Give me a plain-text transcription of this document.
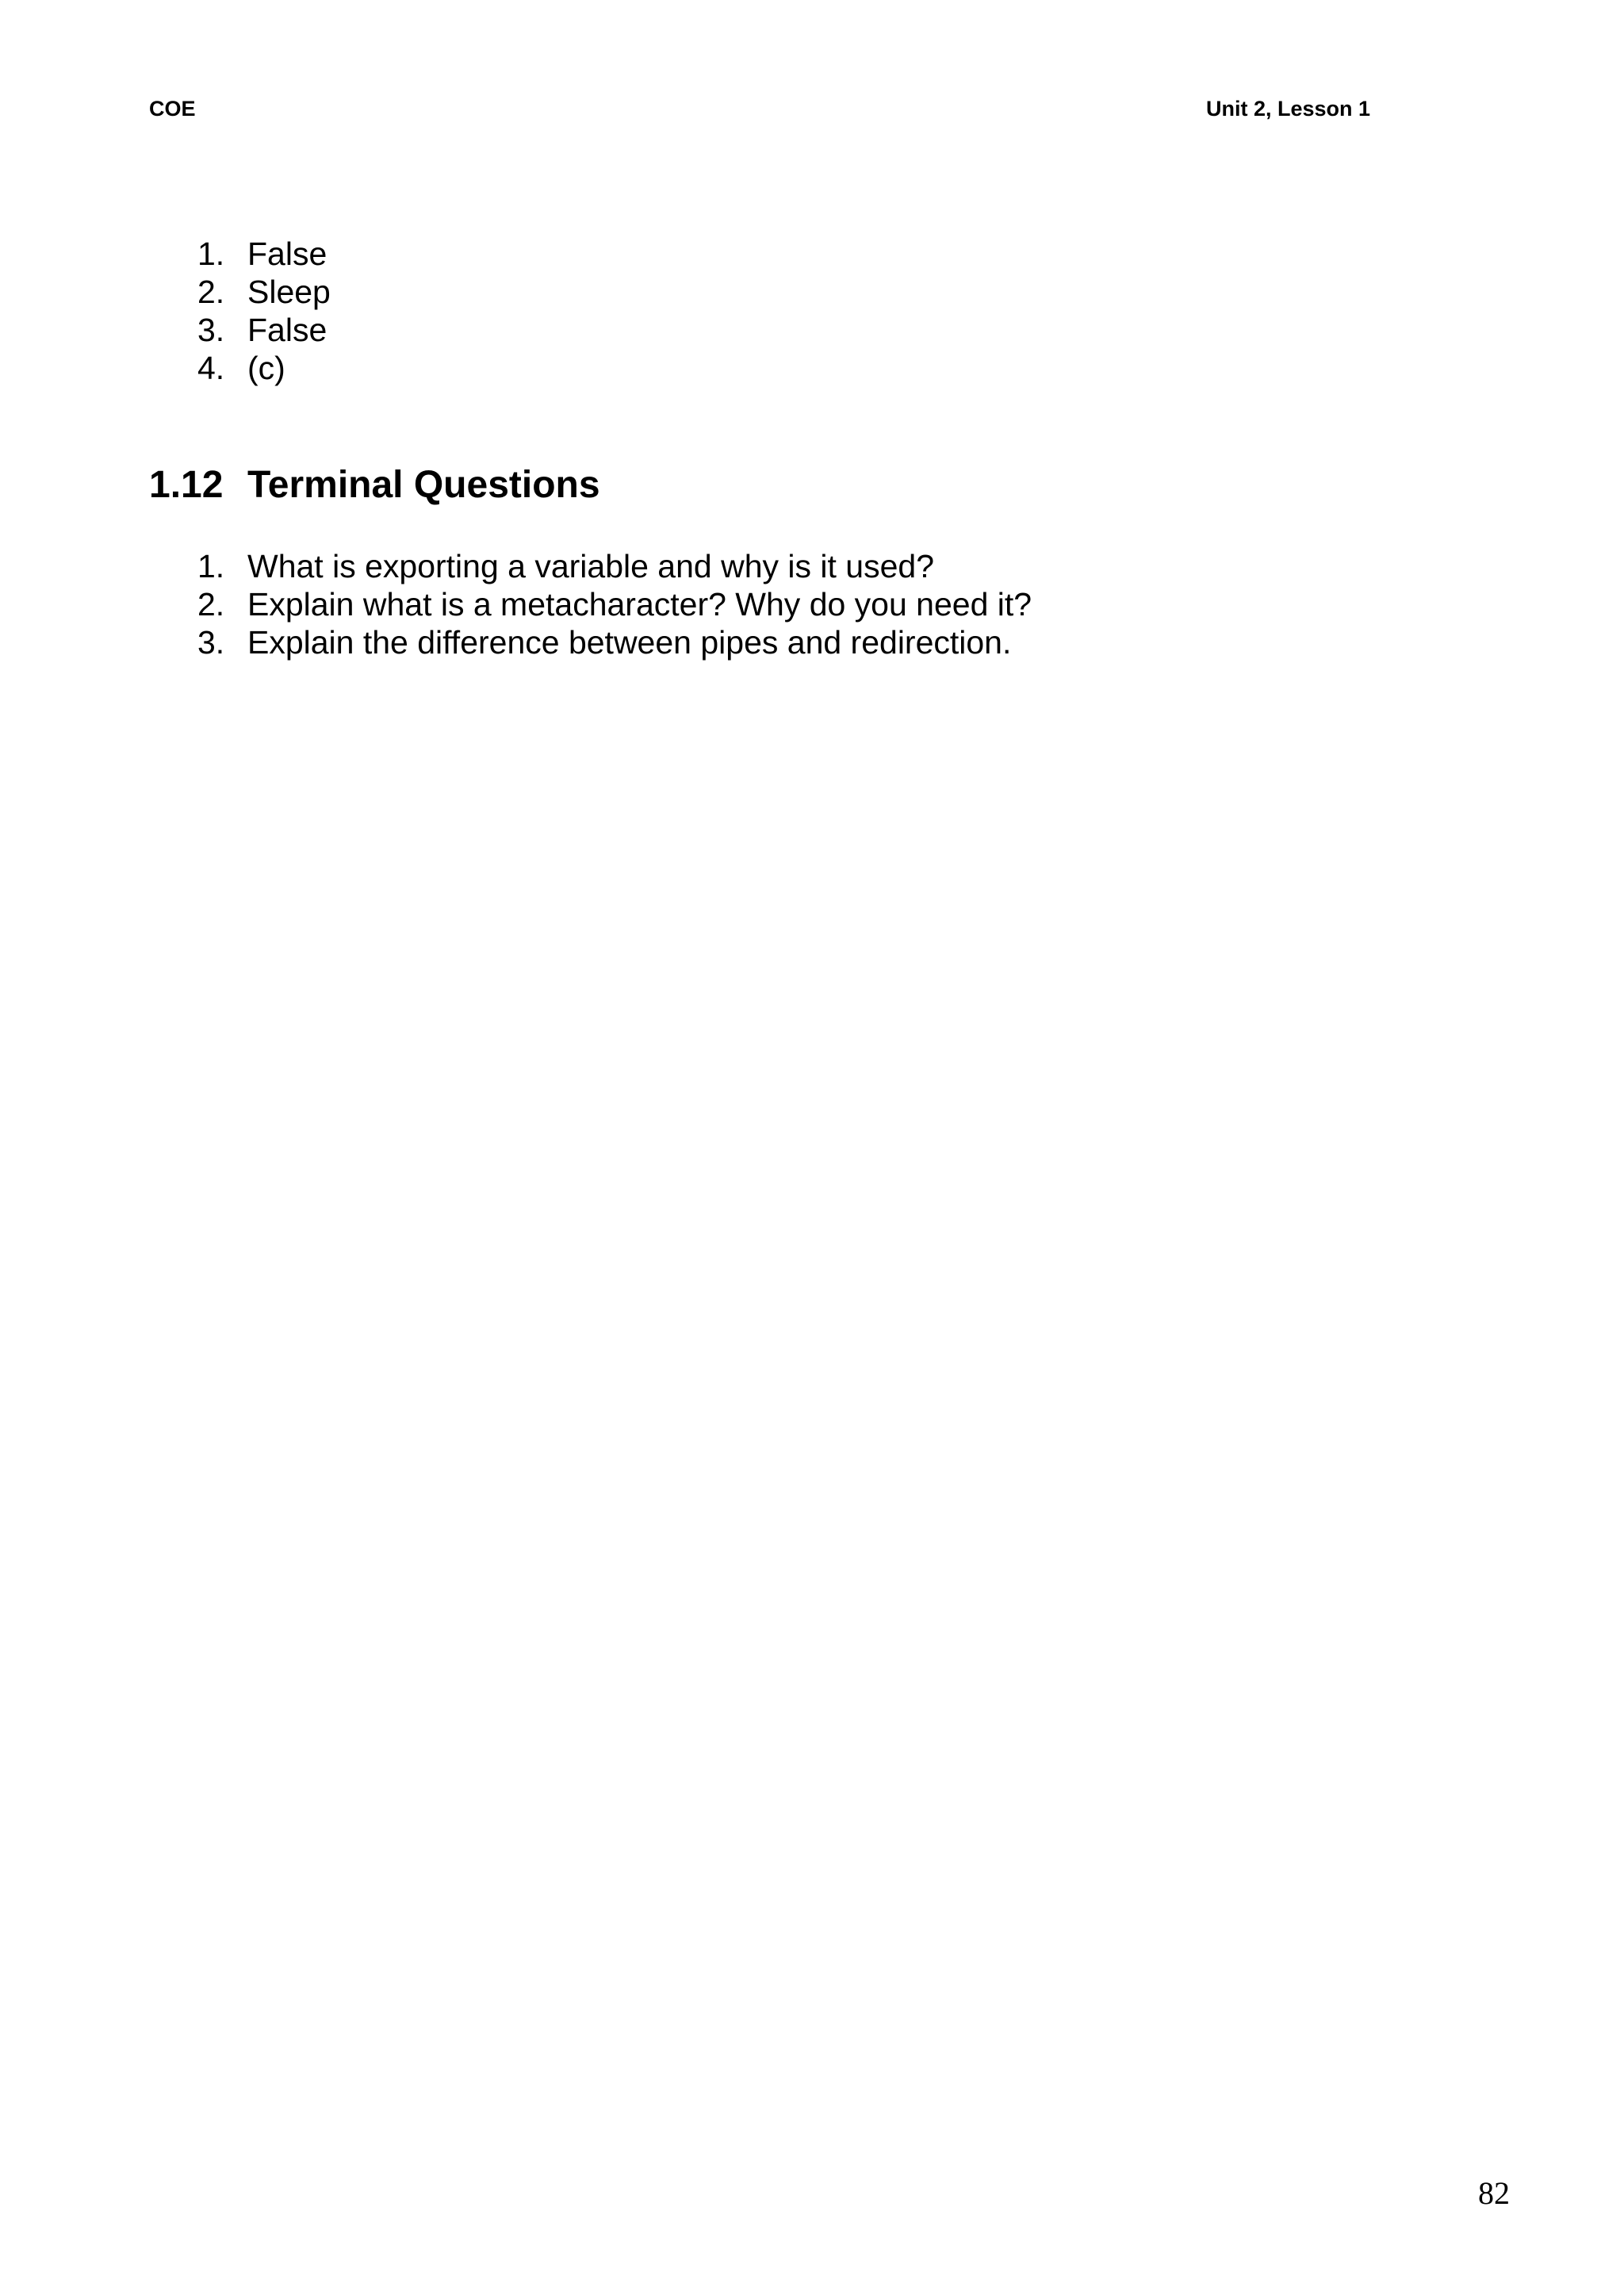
COE	Unit 2, Lesson 1
1. False
2. Sleep
3. False
4. (c)
1.12 Terminal Questions
1. What is exporting a variable and why is it used?
2. Explain what is a metacharacter? Why do you need it?
3. Explain the difference between pipes and redirection.
82
